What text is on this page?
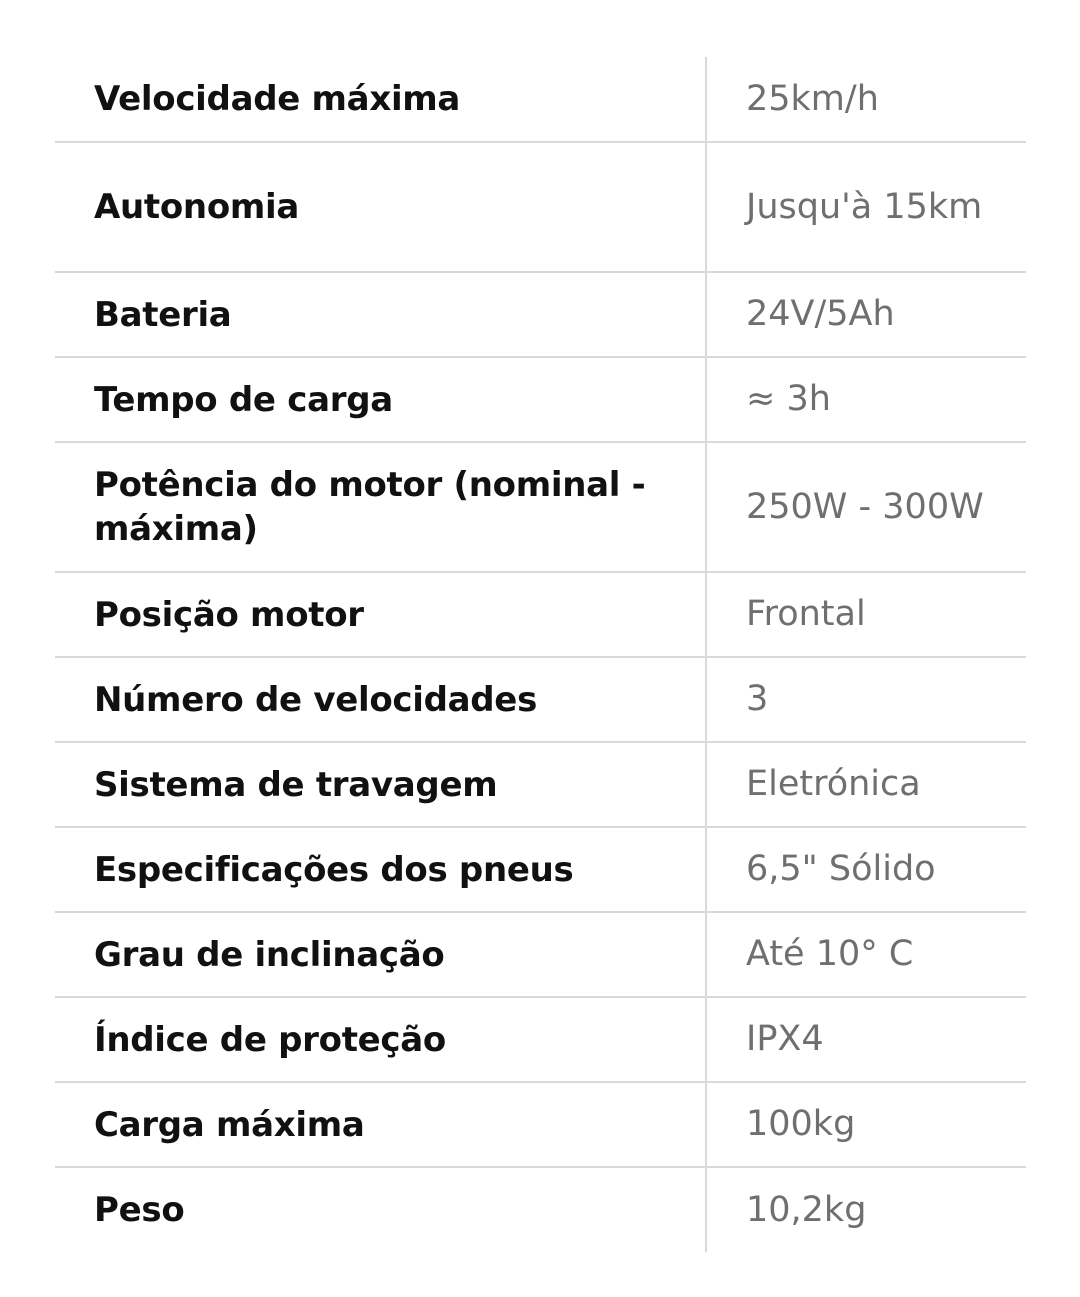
Velocidade máxima	25km/h
Autonomia	Jusqu'à 15km
Bateria	24V/5Ah
Tempo de carga	≈ 3h
Potência do motor (nominal - máxima)	250W - 300W
Posição motor	Frontal
Número de velocidades	3
Sistema de travagem	Eletrónica
Especificações dos pneus	6,5" Sólido
Grau de inclinação	Até 10° C
Índice de proteção	IPX4
Carga máxima	100kg
Peso	10,2kg
